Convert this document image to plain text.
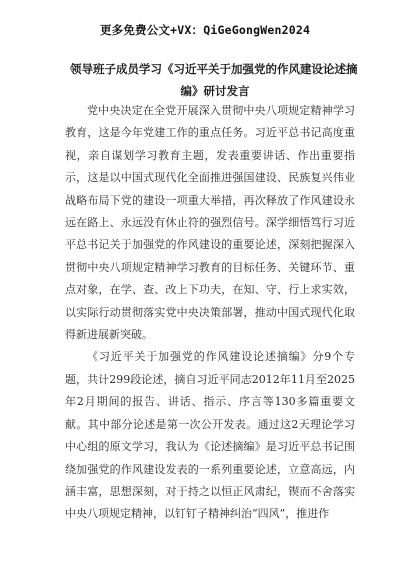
更多免费公文+VX：QiGeGongWen2024
领导班子成员学习《习近平关于加强党的作风建设论述摘
编》研讨发言

党中央决定在全党开展深入贯彻中央八项规定精神学习教育，这是今年党建工作的重点任务。习近平总书记高度重视，亲自谋划学习教育主题，发表重要讲话、作出重要指示，这是以中国式现代化全面推进强国建设、民族复兴伟业战略布局下党的建设一项重大举措，再次释放了作风建设永远在路上、永远没有休止符的强烈信号。深学细悟笃行习近平总书记关于加强党的作风建设的重要论述，深刻把握深入贯彻中央八项规定精神学习教育的目标任务、关键环节、重点对象，在学、查、改上下功夫，在知、守、行上求实效，以实际行动贯彻落实党中央决策部署，推动中国式现代化取得新进展新突破。

《习近平关于加强党的作风建设论述摘编》分9个专题，共计299段论述，摘自习近平同志2012年11月至2025年2月期间的报告、讲话、指示、序言等130多篇重要文献。其中部分论述是第一次公开发表。通过这2天理论学习中心组的原文学习，我认为《论述摘编》是习近平总书记围绕加强党的作风建设发表的一系列重要论述，立意高远，内涵丰富，思想深刻，对于持之以恒正风肃纪，锲而不舍落实中央八项规定精神，以钉钉子精神纠治“四风”，推进作
